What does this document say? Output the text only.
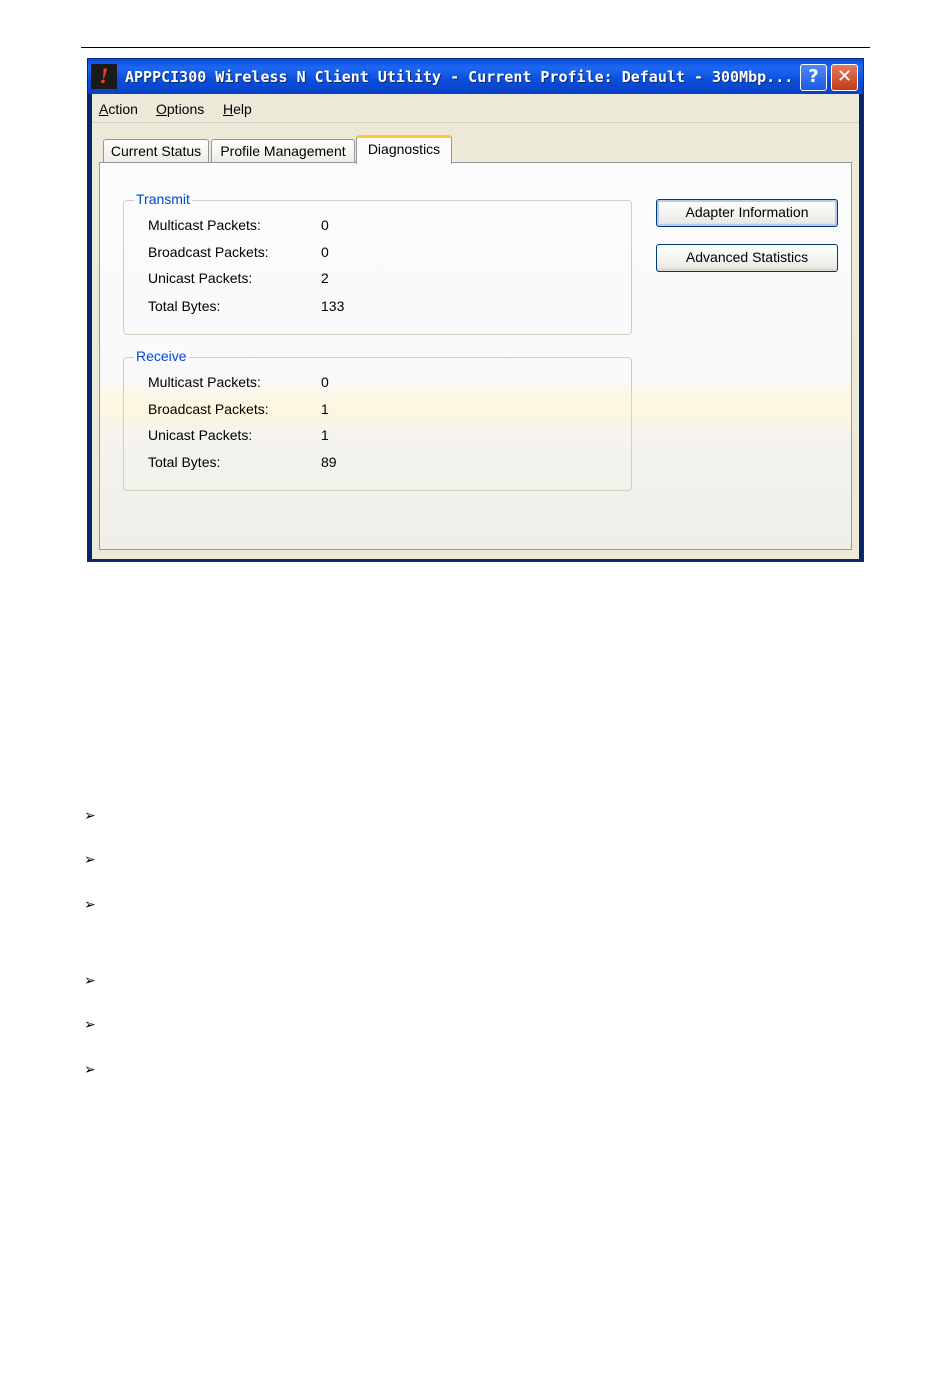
!	APPPCI300 Wireless N Client Utility - Current Profile: Default - 300Mbp... ?	✕
Action Options Help
Current Status	Profile Management	Diagnostics
Transmit
Multicast Packets:	0
Broadcast Packets:	0
Unicast Packets:	2
Total Bytes:	133
Receive
Multicast Packets:	0
Broadcast Packets:	1
Unicast Packets:	1
Total Bytes:	89
Adapter Information
Advanced Statistics
➢
➢
➢
➢
➢
➢
